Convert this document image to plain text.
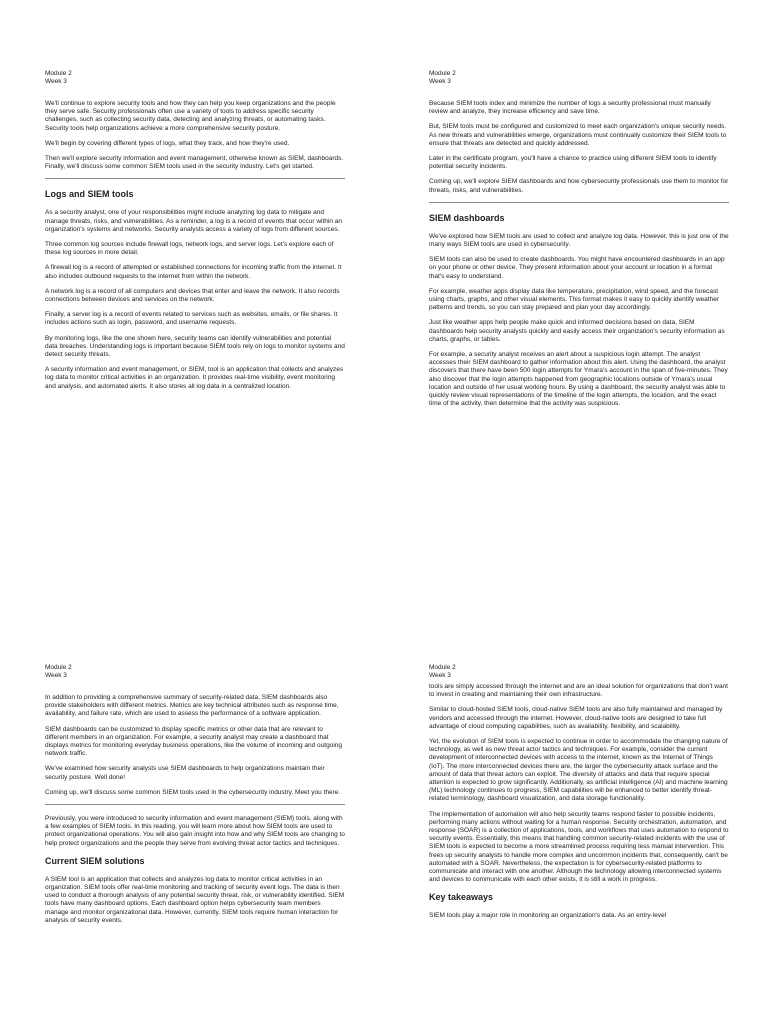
Module 2

Week 3

We'll continue to explore security tools and how they can help you keep organizations and the people they serve safe. Security professionals often use a variety of tools to address specific security challenges, such as collecting security data, detecting and analyzing threats, or automating tasks. Security tools help organizations achieve a more comprehensive security posture.

We'll begin by covering different types of logs, what they track, and how they're used.

Then we'll explore security information and event management, otherwise known as SIEM, dashboards. Finally, we'll discuss some common SIEM tools used in the security industry. Let's get started.

Logs and SIEM tools

As a security analyst, one of your responsibilities might include analyzing log data to mitigate and manage threats, risks, and vulnerabilities. As a reminder, a log is a record of events that occur within an organization's systems and networks. Security analysts access a variety of logs from different sources.

Three common log sources include firewall logs, network logs, and server logs. Let's explore each of these log sources in more detail.

A firewall log is a record of attempted or established connections for incoming traffic from the internet. It also includes outbound requests to the internet from within the network.

A network log is a record of all computers and devices that enter and leave the network. It also records connections between devices and services on the network.

Finally, a server log is a record of events related to services such as websites, emails, or file shares. It includes actions such as login, password, and username requests.

By monitoring logs, like the one shown here, security teams can identify vulnerabilities and potential data breaches. Understanding logs is important because SIEM tools rely on logs to monitor systems and detect security threats.

A security information and event management, or SIEM, tool is an application that collects and analyzes log data to monitor critical activities in an organization. It provides real-time visibility, event monitoring and analysis, and automated alerts. It also stores all log data in a centralized location.

Module 2

Week 3

Because SIEM tools index and minimize the number of logs a security professional must manually review and analyze, they increase efficiency and save time.

But, SIEM tools must be configured and customized to meet each organization's unique security needs. As new threats and vulnerabilities emerge, organizations must continually customize their SIEM tools to ensure that threats are detected and quickly addressed.

Later in the certificate program, you'll have a chance to practice using different SIEM tools to identify potential security incidents.

Coming up, we'll explore SIEM dashboards and how cybersecurity professionals use them to monitor for threats, risks, and vulnerabilities.

SIEM dashboards

We've explored how SIEM tools are used to collect and analyze log data. However, this is just one of the many ways SIEM tools are used in cybersecurity.

SIEM tools can also be used to create dashboards. You might have encountered dashboards in an app on your phone or other device. They present information about your account or location in a format that's easy to understand.

For example, weather apps display data like temperature, precipitation, wind speed, and the forecast using charts, graphs, and other visual elements. This format makes it easy to quickly identify weather patterns and trends, so you can stay prepared and plan your day accordingly.

Just like weather apps help people make quick and informed decisions based on data, SIEM dashboards help security analysts quickly and easily access their organization's security information as charts, graphs, or tables.

For example, a security analyst receives an alert about a suspicious login attempt. The analyst accesses their SIEM dashboard to gather information about this alert. Using the dashboard, the analyst discovers that there have been 500 login attempts for Ymara's account in the span of five-minutes. They also discover that the login attempts happened from geographic locations outside of Ymara's usual location and outside of her usual working hours. By using a dashboard, the security analyst was able to quickly review visual representations of the timeline of the login attempts, the location, and the exact time of the activity, then determine that the activity was suspicious.

Module 2

Week 3

In addition to providing a comprehensive summary of security-related data, SIEM dashboards also provide stakeholders with different metrics. Metrics are key technical attributes such as response time, availability, and failure rate, which are used to assess the performance of a software application.

SIEM dashboards can be customized to display specific metrics or other data that are relevant to different members in an organization. For example, a security analyst may create a dashboard that displays metrics for monitoring everyday business operations, like the volume of incoming and outgoing network traffic.

We've examined how security analysts use SIEM dashboards to help organizations maintain their security posture. Well done!

Coming up, we'll discuss some common SIEM tools used in the cybersecurity industry. Meet you there.

Previously, you were introduced to security information and event management (SIEM) tools, along with a few examples of SIEM tools. In this reading, you will learn more about how SIEM tools are used to protect organizational operations. You will also gain insight into how and why SIEM tools are changing to help protect organizations and the people they serve from evolving threat actor tactics and techniques.

Current SIEM solutions

A SIEM tool is an application that collects and analyzes log data to monitor critical activities in an organization. SIEM tools offer real-time monitoring and tracking of security event logs. The data is then used to conduct a thorough analysis of any potential security threat, risk, or vulnerability identified. SIEM tools have many dashboard options. Each dashboard option helps cybersecurity team members manage and monitor organizational data. However, currently, SIEM tools require human interaction for analysis of security events.

Module 2

Week 3

tools are simply accessed through the internet and are an ideal solution for organizations that don't want to invest in creating and maintaining their own infrastructure.

Similar to cloud-hosted SIEM tools, cloud-native SIEM tools are also fully maintained and managed by vendors and accessed through the internet. However, cloud-native tools are designed to take full advantage of cloud computing capabilities, such as availability, flexibility, and scalability.

Yet, the evolution of SIEM tools is expected to continue in order to accommodate the changing nature of technology, as well as new threat actor tactics and techniques. For example, consider the current development of interconnected devices with access to the internet, known as the Internet of Things (IoT). The more interconnected devices there are, the larger the cybersecurity attack surface and the amount of data that threat actors can exploit. The diversity of attacks and data that require special attention is expected to grow significantly. Additionally, as artificial intelligence (AI) and machine learning (ML) technology continues to progress, SIEM capabilities will be enhanced to better identify threat-related terminology, dashboard visualization, and data storage functionality.

The implementation of automation will also help security teams respond faster to possible incidents, performing many actions without waiting for a human response. Security orchestration, automation, and response (SOAR) is a collection of applications, tools, and workflows that uses automation to respond to security events. Essentially, this means that handling common security-related incidents with the use of SIEM tools is expected to become a more streamlined process requiring less manual intervention. This frees up security analysts to handle more complex and uncommon incidents that, consequently, can't be automated with a SOAR. Nevertheless, the expectation is for cybersecurity-related platforms to communicate and interact with one another. Although the technology allowing interconnected systems and devices to communicate with each other exists, it is still a work in progress.

Key takeaways

SIEM tools play a major role in monitoring an organization's data. As an entry-level
